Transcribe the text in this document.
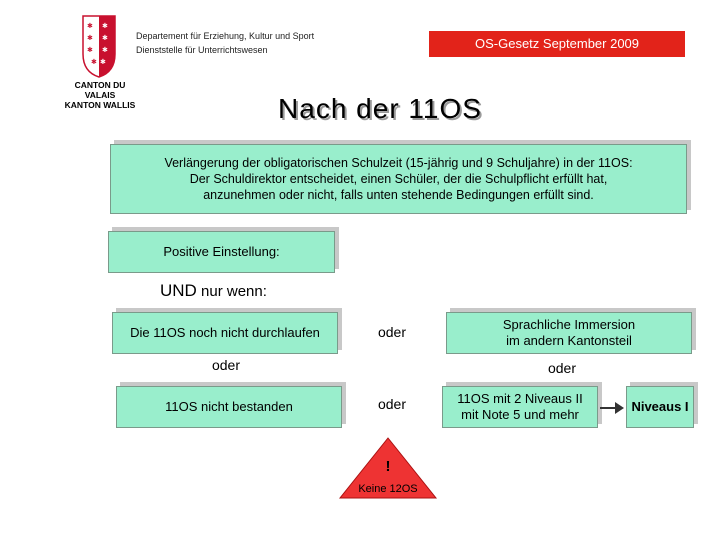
✱
✱
✱
✱
✱
✱
✱
✱
CANTON DU VALAIS
KANTON WALLIS
Departement für Erziehung, Kultur und Sport
Dienststelle für Unterrichtswesen	OS-Gesetz September 2009
Nach der 11OS
Verlängerung der obligatorischen Schulzeit (15-jährig und 9 Schuljahre) in der 11OS:
Der Schuldirektor entscheidet, einen Schüler, der die Schulpflicht erfüllt hat,
anzunehmen oder nicht, falls unten stehende Bedingungen erfüllt sind.
Positive Einstellung:
UND nur wenn:
Die 11OS noch nicht durchlaufen	oder	Sprachliche Immersion
im andern Kantonsteil
oder	oder
11OS nicht bestanden	oder	11OS mit 2 Niveaus II
mit Note 5 und mehr
Niveaus I
!
Keine 12OS
